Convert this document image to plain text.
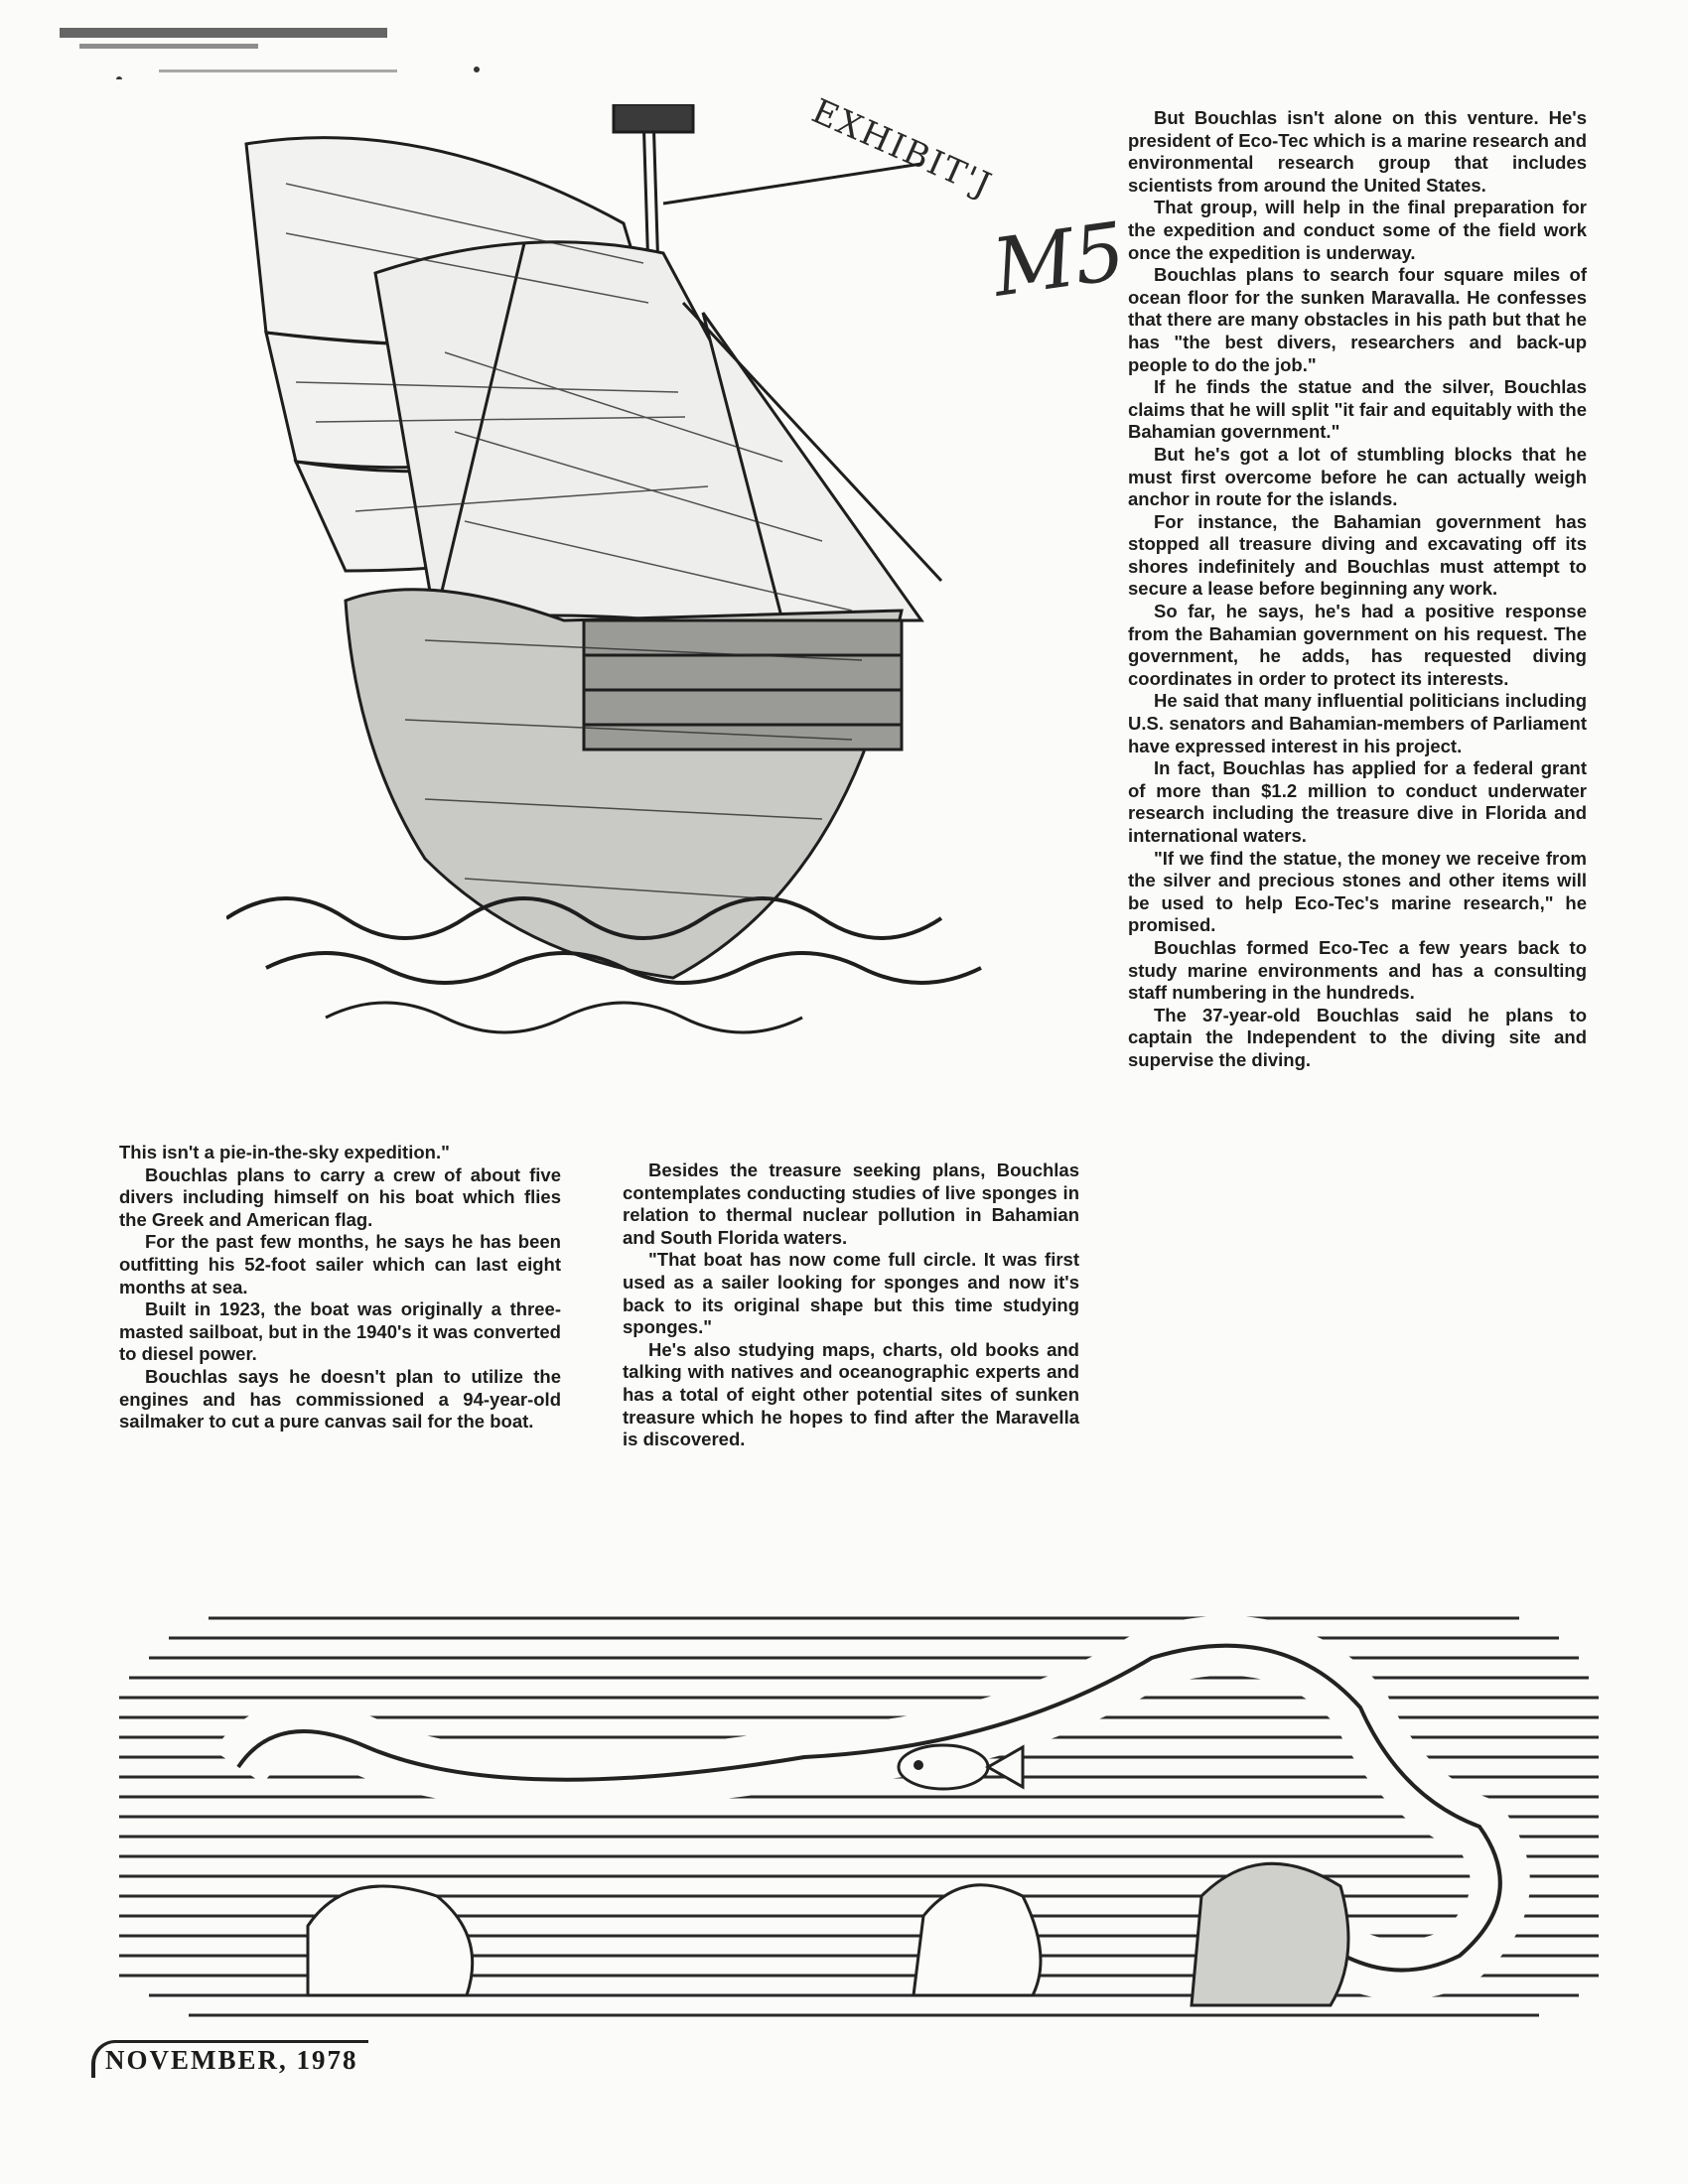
EXHIBIT'J
M5

But Bouchlas isn't alone on this venture. He's president of Eco-Tec which is a marine research and environmental research group that includes scientists from around the United States.

That group, will help in the final preparation for the expedition and conduct some of the field work once the expedition is underway.

Bouchlas plans to search four square miles of ocean floor for the sunken Maravalla. He confesses that there are many obstacles in his path but that he has "the best divers, researchers and back-up people to do the job."

If he finds the statue and the silver, Bouchlas claims that he will split "it fair and equitably with the Bahamian government."

But he's got a lot of stumbling blocks that he must first overcome before he can actually weigh anchor in route for the islands.

For instance, the Bahamian government has stopped all treasure diving and excavating off its shores indefinitely and Bouchlas must attempt to secure a lease before beginning any work.

So far, he says, he's had a positive response from the Bahamian government on his request. The government, he adds, has requested diving coordinates in order to protect its interests.

He said that many influential politicians including U.S. senators and Bahamian-members of Parliament have expressed interest in his project.

In fact, Bouchlas has applied for a federal grant of more than $1.2 million to conduct underwater research including the treasure dive in Florida and international waters.

"If we find the statue, the money we receive from the silver and precious stones and other items will be used to help Eco-Tec's marine research," he promised.

Bouchlas formed Eco-Tec a few years back to study marine environments and has a consulting staff numbering in the hundreds.

The 37-year-old Bouchlas said he plans to captain the Independent to the diving site and supervise the diving.

This isn't a pie-in-the-sky expedition."

Bouchlas plans to carry a crew of about five divers including himself on his boat which flies the Greek and American flag.

For the past few months, he says he has been outfitting his 52-foot sailer which can last eight months at sea.

Built in 1923, the boat was originally a three-masted sailboat, but in the 1940's it was converted to diesel power.

Bouchlas says he doesn't plan to utilize the engines and has commissioned a 94-year-old sailmaker to cut a pure canvas sail for the boat.

Besides the treasure seeking plans, Bouchlas contemplates conducting studies of live sponges in relation to thermal nuclear pollution in Bahamian and South Florida waters.

"That boat has now come full circle. It was first used as a sailer looking for sponges and now it's back to its original shape but this time studying sponges."

He's also studying maps, charts, old books and talking with natives and oceanographic experts and has a total of eight other potential sites of sunken treasure which he hopes to find after the Maravella is discovered.

NOVEMBER, 1978
